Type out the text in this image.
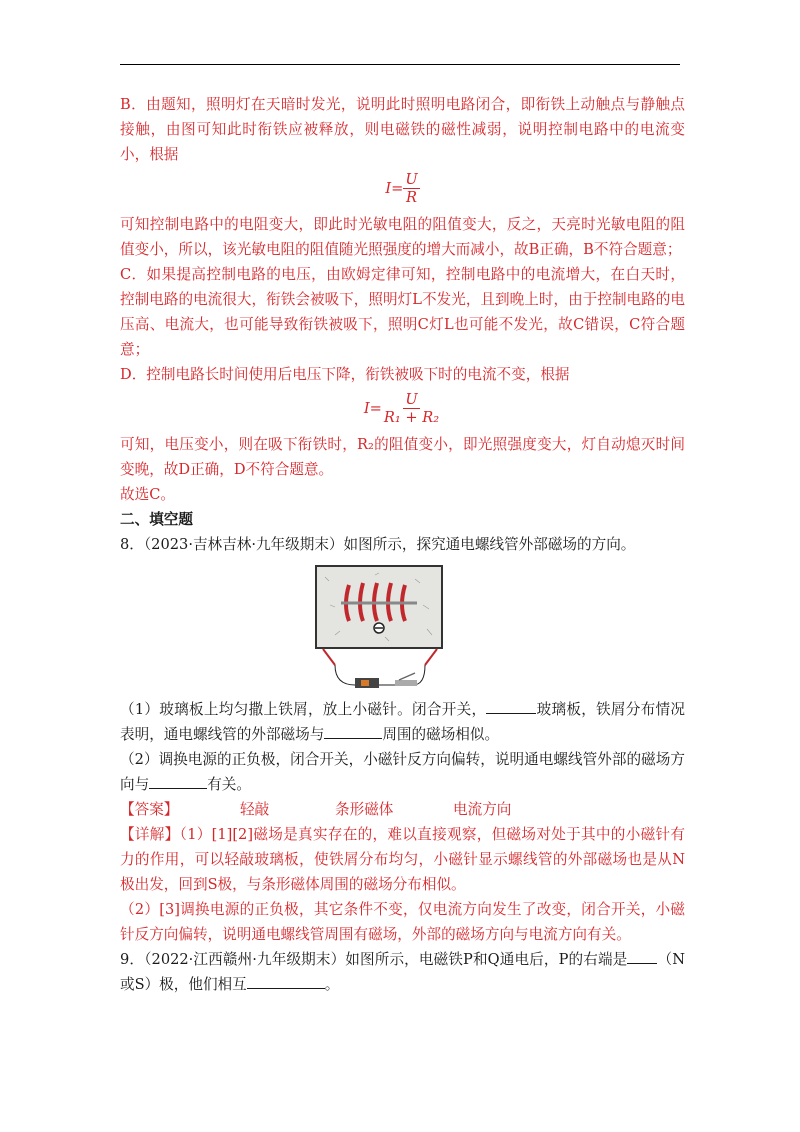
B．由题知，照明灯在天暗时发光，说明此时照明电路闭合，即衔铁上动触点与静触点接触，由图可知此时衔铁应被释放，则电磁铁的磁性减弱，说明控制电路中的电流变小，根据

$I= \frac{U}{R}$

可知控制电路中的电阻变大，即此时光敏电阻的阻值变大，反之，天亮时光敏电阻的阻值变小，所以，该光敏电阻的阻值随光照强度的增大而减小，故B正确，B不符合题意；

C．如果提高控制电路的电压，由欧姆定律可知，控制电路中的电流增大，在白天时，控制电路的电流很大，衔铁会被吸下，照明灯L不发光，且到晚上时，由于控制电路的电压高、电流大，也可能导致衔铁被吸下，照明C灯L也可能不发光，故C错误，C符合题意；

D．控制电路长时间使用后电压下降，衔铁被吸下时的电流不变，根据

$I= \frac{U}{\text{R₁ + R₂}}$

可知，电压变小，则在吸下衔铁时，R₂的阻值变小，即光照强度变大，灯自动熄灭时间变晚，故D正确，D不符合题意。

故选C。

二、填空题

8．（2023·吉林吉林·九年级期末）如图所示，探究通电螺线管外部磁场的方向。

（1）玻璃板上均匀撒上铁屑，放上小磁针。闭合开关，	玻璃板，铁屑分布情况表明，通电螺线管的外部磁场与	周围的磁场相似。

（2）调换电源的正负极，闭合开关，小磁针反方向偏转，说明通电螺线管外部的磁场方向与	有关。

【答案】	轻敲	条形磁体	电流方向

【详解】（1）[1][2]磁场是真实存在的，难以直接观察，但磁场对处于其中的小磁针有力的作用，可以轻敲玻璃板，使铁屑分布均匀，小磁针显示螺线管的外部磁场也是从N极出发，回到S极，与条形磁体周围的磁场分布相似。

（2）[3]调换电源的正负极，其它条件不变，仅电流方向发生了改变，闭合开关，小磁针反方向偏转，说明通电螺线管周围有磁场，外部的磁场方向与电流方向有关。

9．（2022·江西赣州·九年级期末）如图所示，电磁铁P和Q通电后，P的右端是 （N或S）极，他们相互	。
